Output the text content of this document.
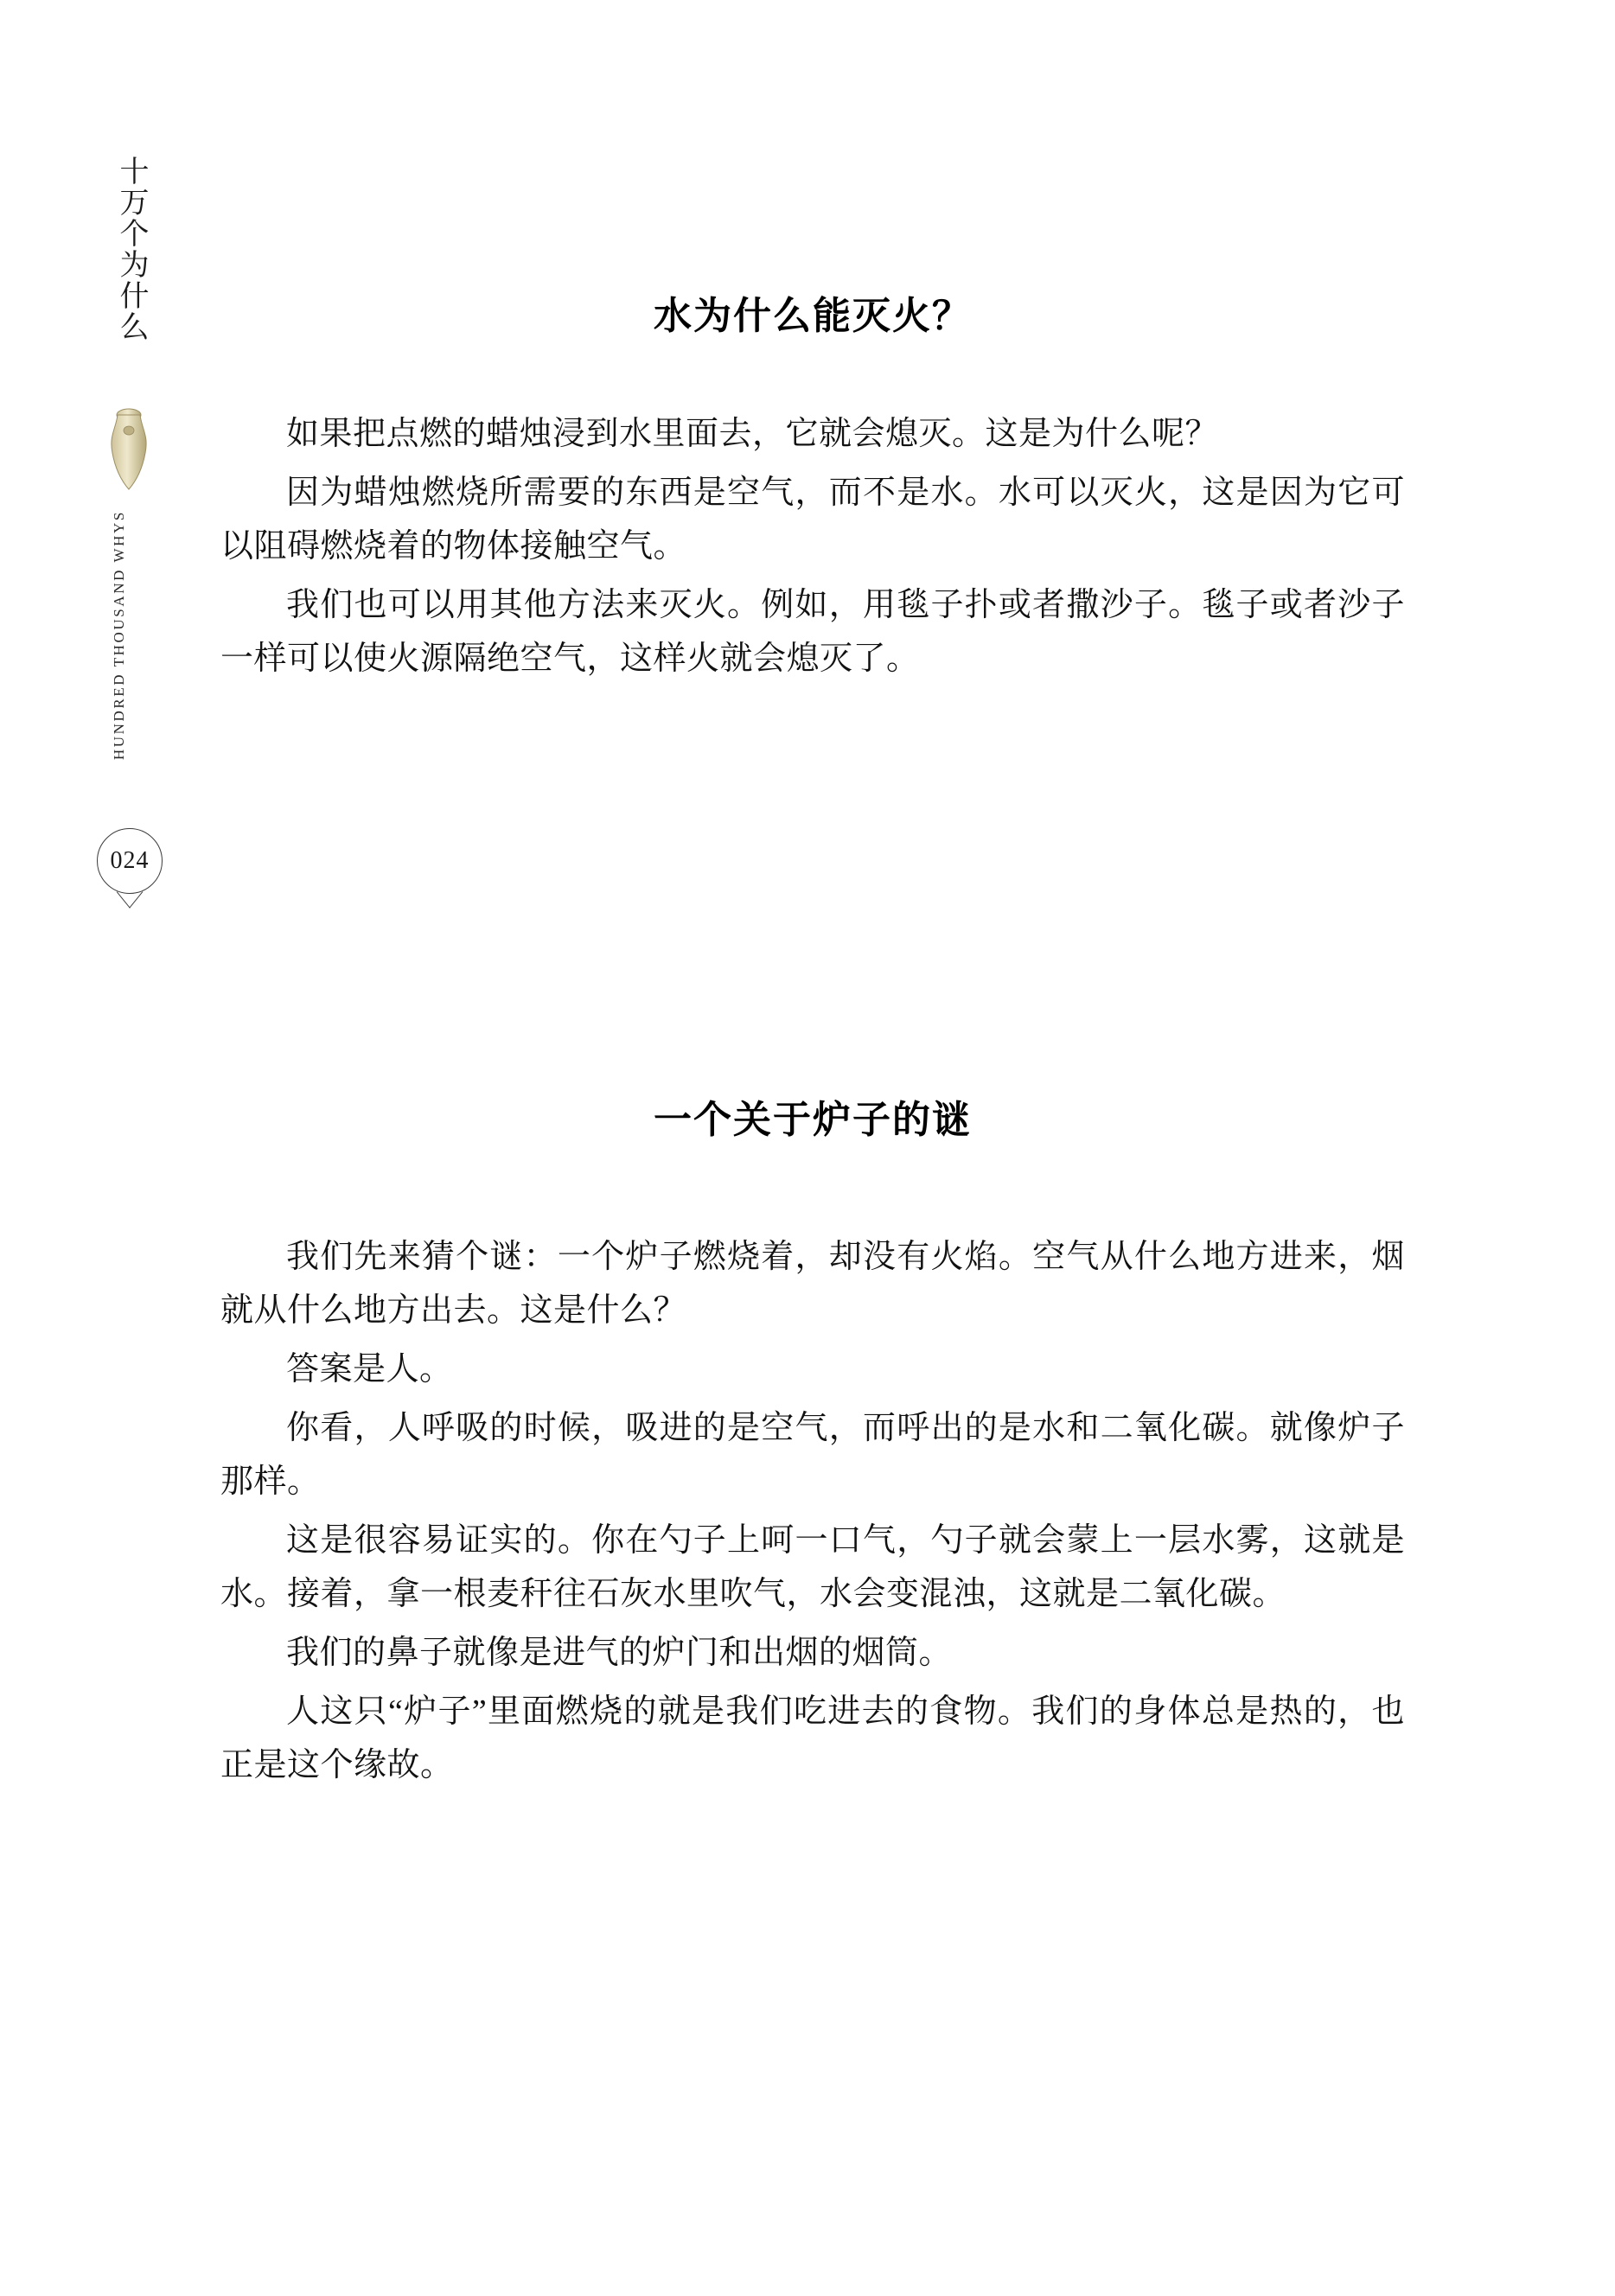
十万个为什么
HUNDRED THOUSAND WHYS
024
水为什么能灭火？

如果把点燃的蜡烛浸到水里面去，它就会熄灭。这是为什么呢？

因为蜡烛燃烧所需要的东西是空气，而不是水。水可以灭火，这是因为它可以阻碍燃烧着的物体接触空气。

我们也可以用其他方法来灭火。例如，用毯子扑或者撒沙子。毯子或者沙子一样可以使火源隔绝空气，这样火就会熄灭了。

一个关于炉子的谜

我们先来猜个谜：一个炉子燃烧着，却没有火焰。空气从什么地方进来，烟就从什么地方出去。这是什么？

答案是人。

你看，人呼吸的时候，吸进的是空气，而呼出的是水和二氧化碳。就像炉子那样。

这是很容易证实的。你在勺子上呵一口气，勺子就会蒙上一层水雾，这就是水。接着，拿一根麦秆往石灰水里吹气，水会变混浊，这就是二氧化碳。

我们的鼻子就像是进气的炉门和出烟的烟筒。

人这只“炉子”里面燃烧的就是我们吃进去的食物。我们的身体总是热的，也正是这个缘故。
